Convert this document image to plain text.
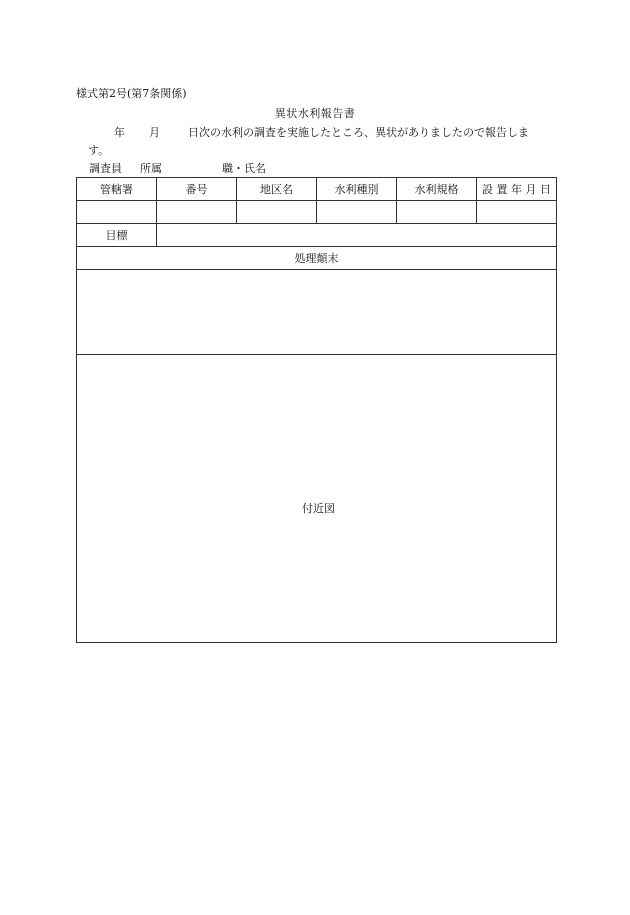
様式第2号(第7条関係)
異状水利報告書
年 月	日次の水利の調査を実施したところ、異状がありましたので報告しま
す。
調査員 所属	職・氏名
管轄署	番号	地区名	水利種別	水利規格	設 置 年 月 日

目標					
処理顛末					

付近図					
